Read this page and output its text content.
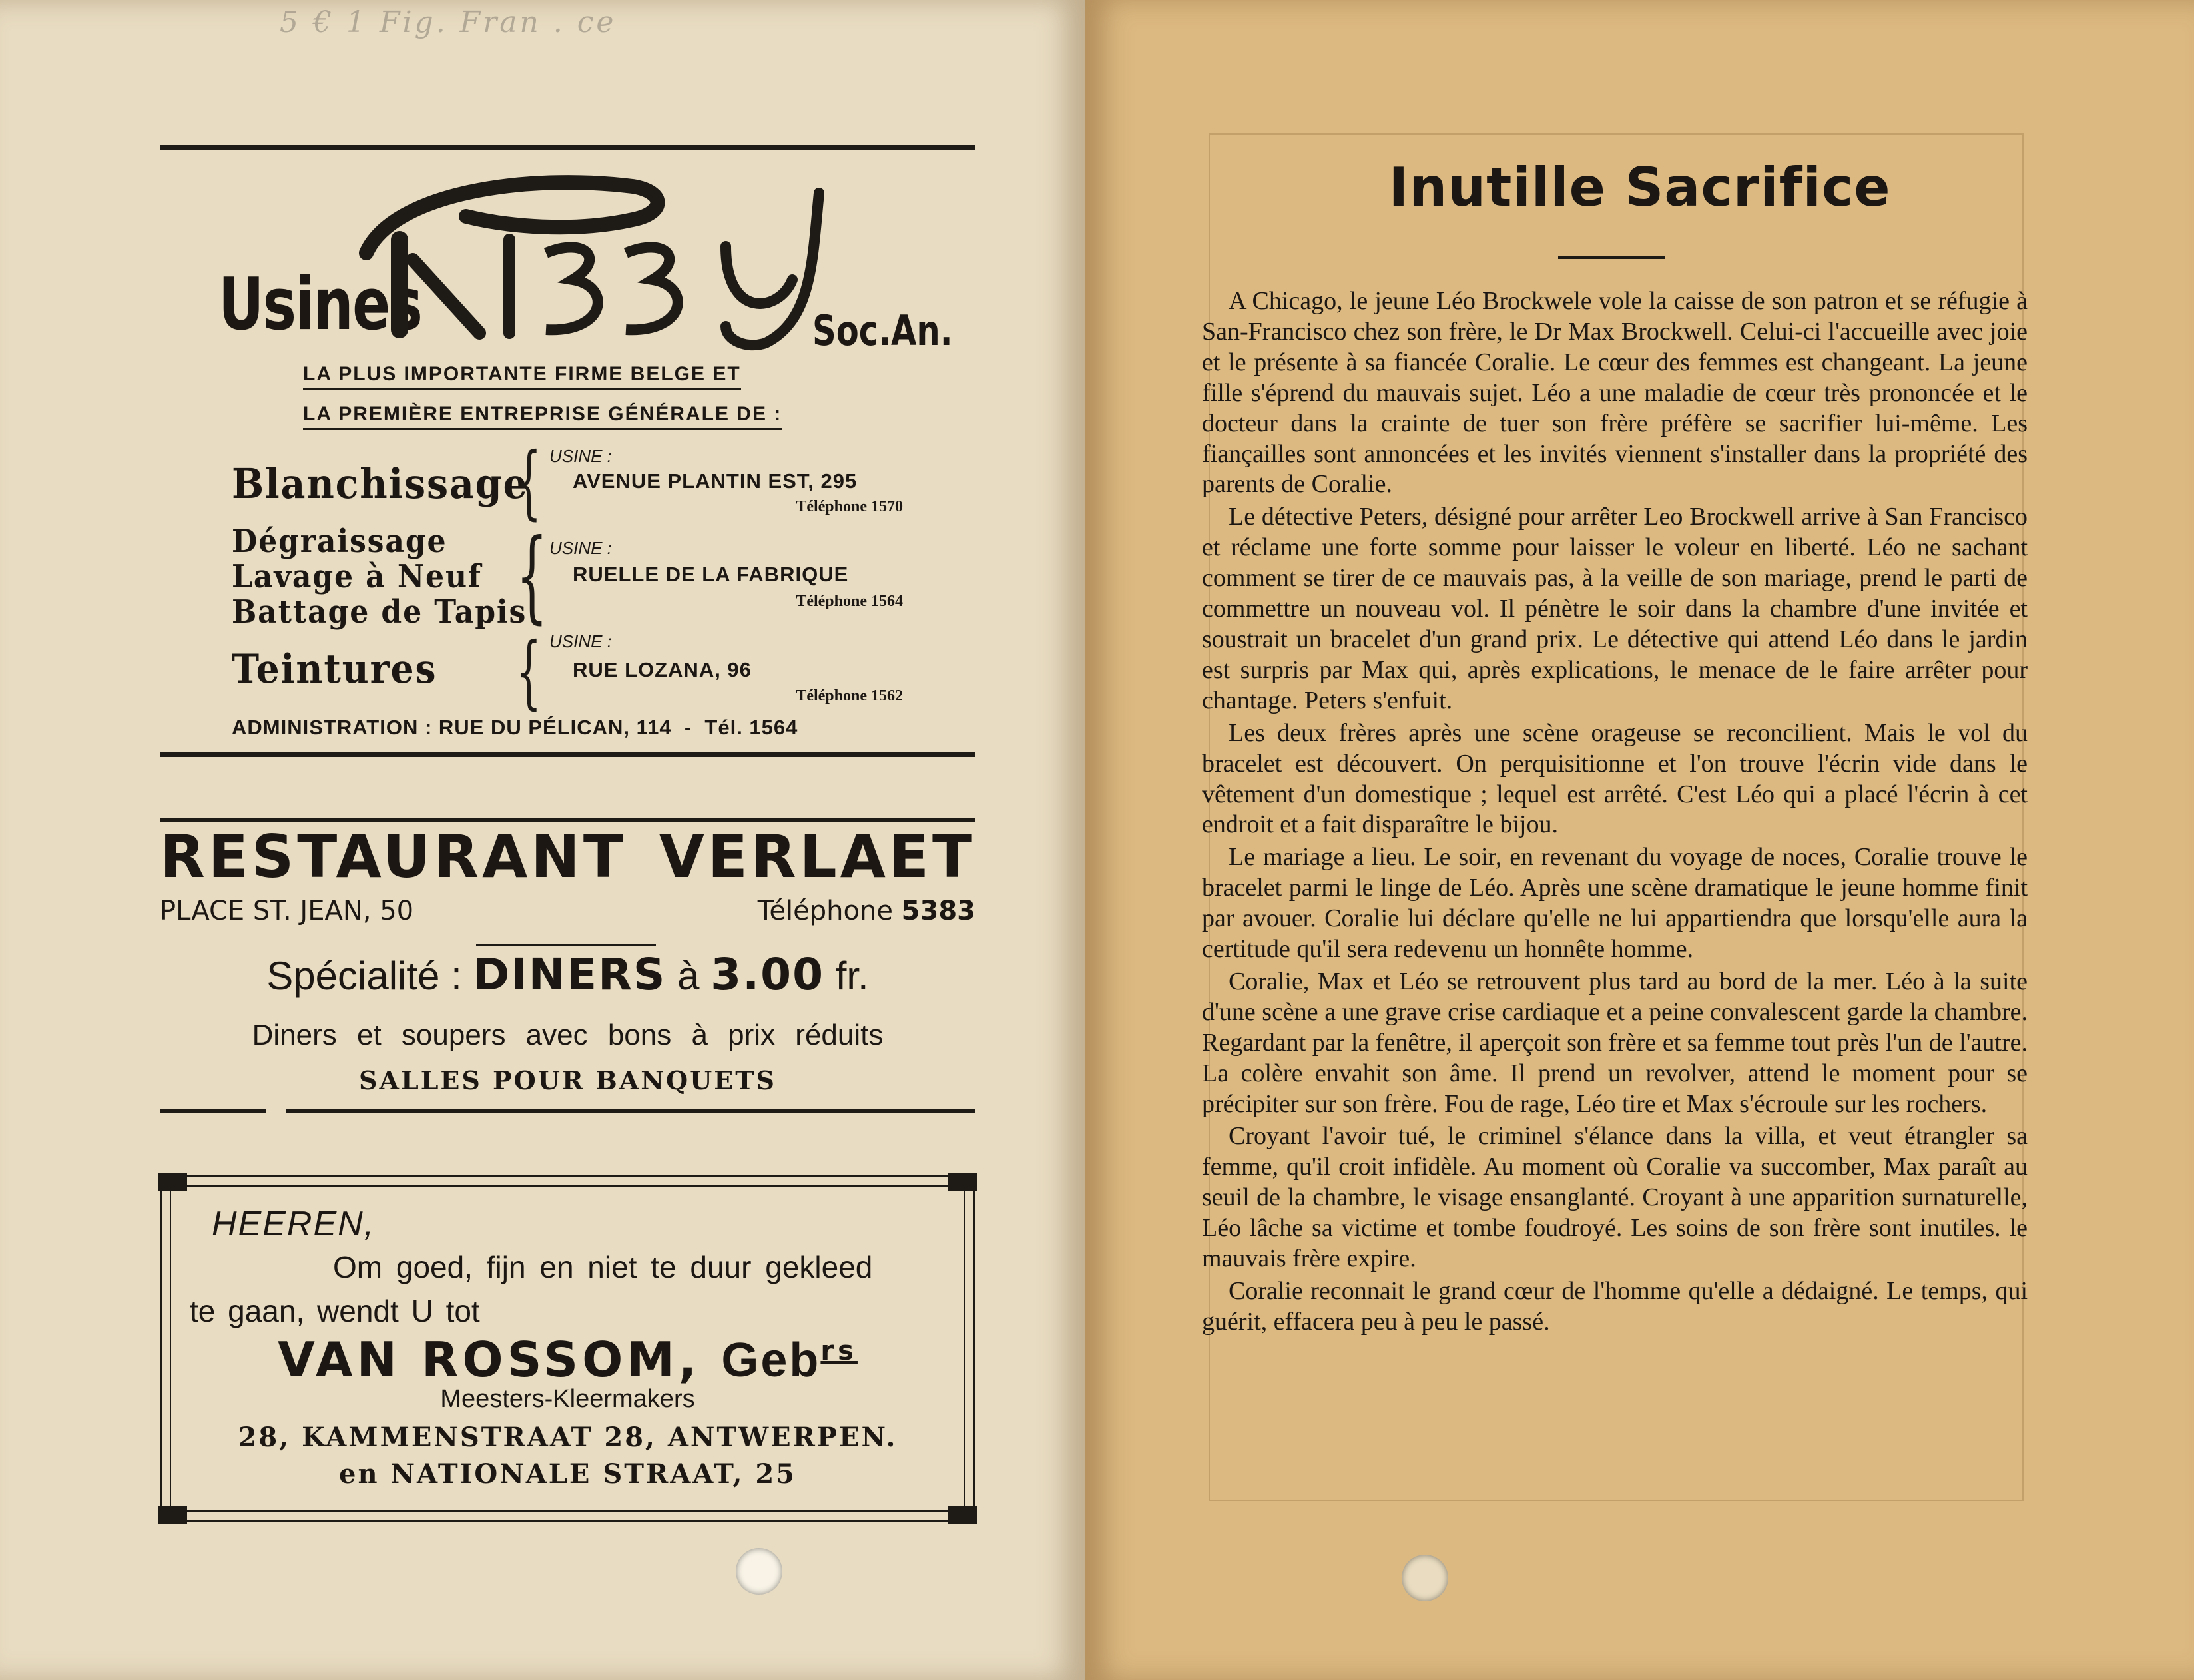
5 € 1 Fig. Fran . ce
Usines	Soc.An.
LA PLUS IMPORTANTE FIRME BELGE ET
LA PREMIÈRE ENTREPRISE GÉNÉRALE DE :
Blanchissage
Dégraissage
Lavage à Neuf
Battage de Tapis
Teintures
{
{
{
USINE :
AVENUE PLANTIN EST, 295
Téléphone 1570
USINE :
RUELLE DE LA FABRIQUE
Téléphone 1564
USINE :
RUE LOZANA, 96
Téléphone 1562
ADMINISTRATION : RUE DU PÉLICAN, 114  -  Tél. 1564
RESTAURANT VERLAET
PLACE ST. JEAN, 50	Téléphone 5383
Spécialité : DINERS à 3.00 fr.
Diners et soupers avec bons à prix réduits
SALLES POUR BANQUETS
HEEREN,
Om goed, fijn en niet te duur gekleed
te gaan, wendt U tot
VAN ROSSOM, Geb$^{rs}$
Meesters-Kleermakers
28, KAMMENSTRAAT 28, ANTWERPEN.
en NATIONALE STRAAT, 25
Inutille Sacrifice

A Chicago, le jeune Léo Brockwele vole la caisse de son patron et se réfugie à San-Francisco chez son frère, le Dr Max Brockwell. Celui-ci l'accueille avec joie et le présente à sa fiancée Coralie. Le cœur des femmes est changeant. La jeune fille s'éprend du mauvais sujet. Léo a une maladie de cœur très prononcée et le docteur dans la crainte de tuer son frère préfère se sacrifier lui-même. Les fiançailles sont annoncées et les invités viennent s'installer dans la propriété des parents de Coralie.

Le détective Peters, désigné pour arrêter Leo Brockwell arrive à San Francisco et réclame une forte somme pour laisser le voleur en liberté. Léo ne sachant comment se tirer de ce mauvais pas, à la veille de son mariage, prend le parti de commettre un nouveau vol. Il pénètre le soir dans la chambre d'une invitée et soustrait un bracelet d'un grand prix. Le détective qui attend Léo dans le jardin est surpris par Max qui, après explications, le menace de le faire arrêter pour chantage. Peters s'enfuit.

Les deux frères après une scène orageuse se reconcilient. Mais le vol du bracelet est découvert. On perquisitionne et l'on trouve l'écrin vide dans le vêtement d'un domestique ; lequel est arrêté. C'est Léo qui a placé l'écrin à cet endroit et a fait disparaître le bijou.

Le mariage a lieu. Le soir, en revenant du voyage de noces, Coralie trouve le bracelet parmi le linge de Léo. Après une scène dramatique le jeune homme finit par avouer. Coralie lui déclare qu'elle ne lui appartiendra que lorsqu'elle aura la certitude qu'il sera redevenu un honnête homme.

Coralie, Max et Léo se retrouvent plus tard au bord de la mer. Léo à la suite d'une scène a une grave crise cardiaque et a peine convalescent garde la chambre. Regardant par la fenêtre, il aperçoit son frère et sa femme tout près l'un de l'autre. La colère envahit son âme. Il prend un revolver, attend le moment pour se précipiter sur son frère. Fou de rage, Léo tire et Max s'écroule sur les rochers.

Croyant l'avoir tué, le criminel s'élance dans la villa, et veut étrangler sa femme, qu'il croit infidèle. Au moment où Coralie va succomber, Max paraît au seuil de la chambre, le visage ensanglanté. Croyant à une apparition surnaturelle, Léo lâche sa victime et tombe foudroyé. Les soins de son frère sont inutiles. le mauvais frère expire.

Coralie reconnait le grand cœur de l'homme qu'elle a dédaigné. Le temps, qui guérit, effacera peu à peu le passé.
